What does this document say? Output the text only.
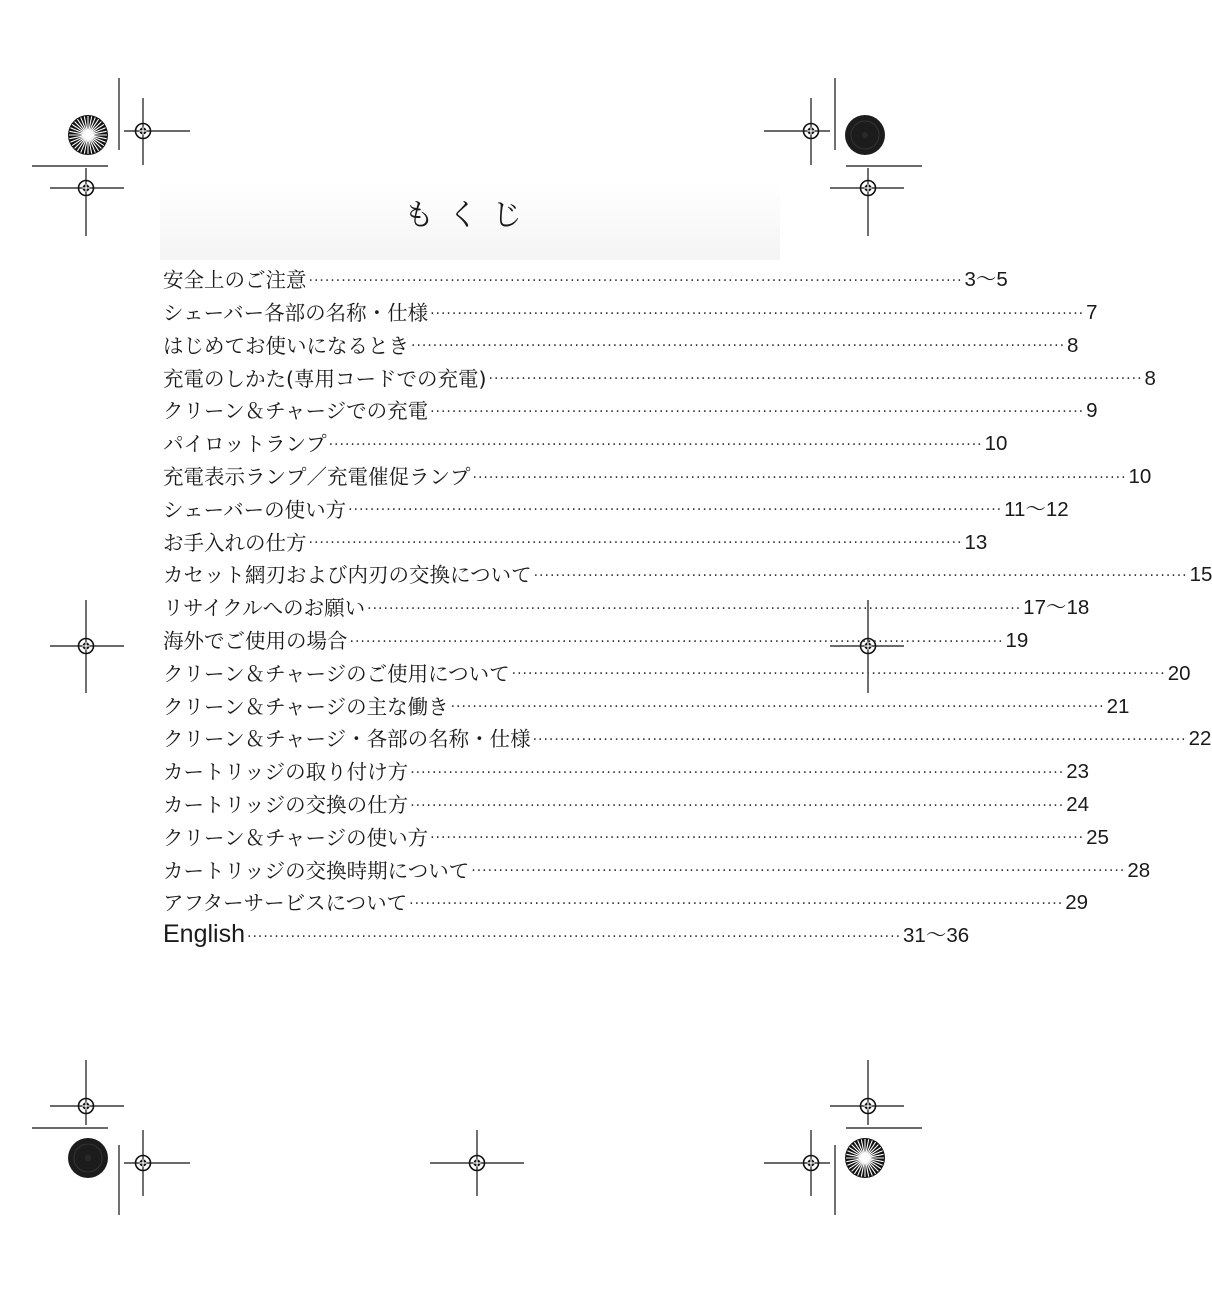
もくじ
安全上のご注意 ························································································································ 3〜5
シェーバー各部の名称・仕様 ························································································································ 7
はじめてお使いになるとき ························································································································ 8
充電のしかた(専用コードでの充電) ························································································································ 8
クリーン＆チャージでの充電 ························································································································ 9
パイロットランプ ························································································································ 10
充電表示ランプ／充電催促ランプ ························································································································ 10
シェーバーの使い方 ························································································································ 11〜12
お手入れの仕方 ························································································································ 13
カセット網刃および内刃の交換について ························································································································ 15
リサイクルへのお願い ························································································································ 17〜18
海外でご使用の場合 ························································································································ 19
クリーン＆チャージのご使用について ························································································································ 20
クリーン＆チャージの主な働き ························································································································ 21
クリーン＆チャージ・各部の名称・仕様 ························································································································ 22
カートリッジの取り付け方 ························································································································ 23
カートリッジの交換の仕方 ························································································································ 24
クリーン＆チャージの使い方 ························································································································ 25
カートリッジの交換時期について ························································································································ 28
アフターサービスについて ························································································································ 29
English ························································································································ 31〜36
